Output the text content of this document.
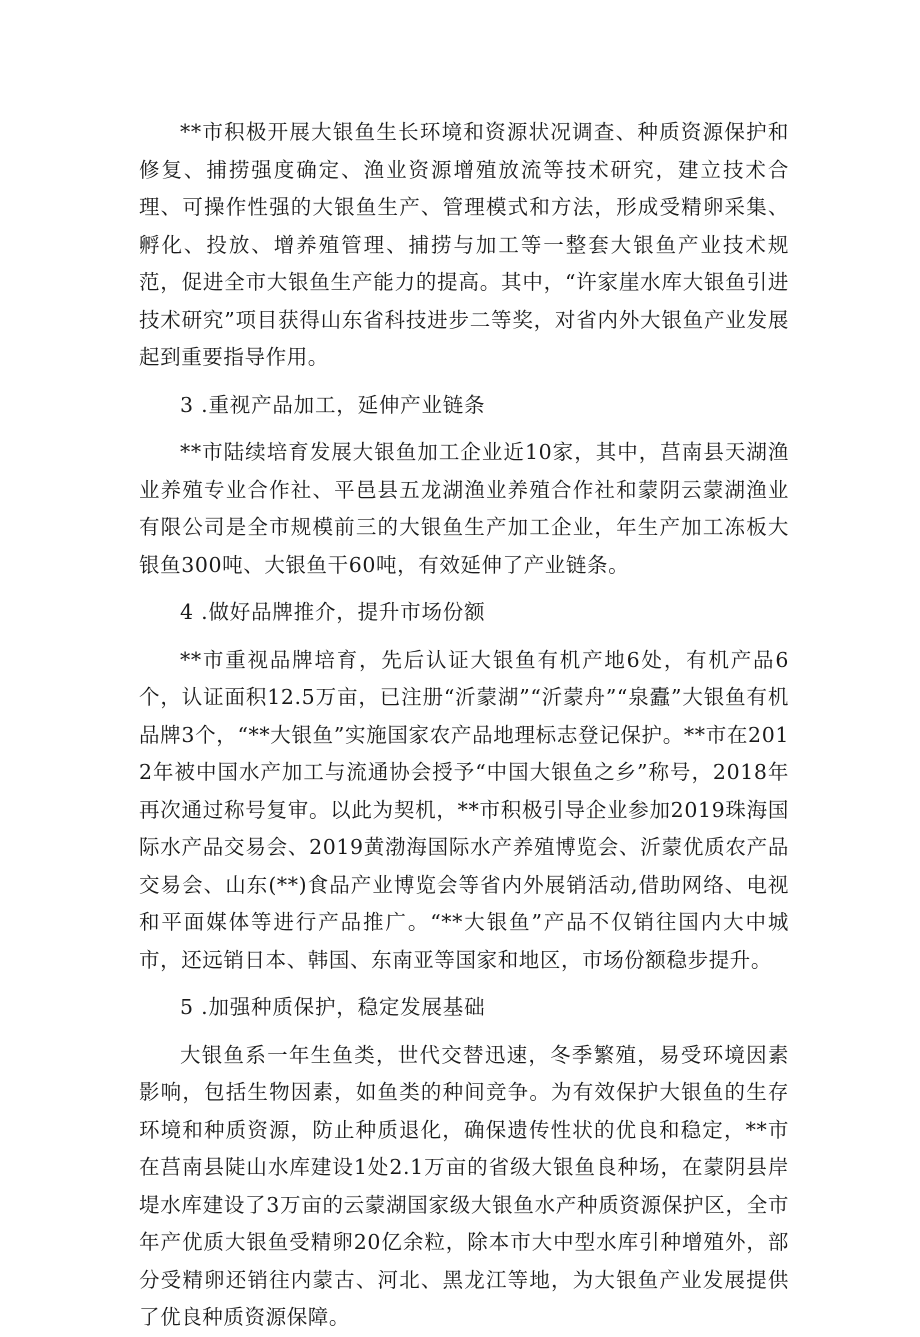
**市积极开展大银鱼生长环境和资源状况调查、种质资源保护和修复、捕捞强度确定、渔业资源增殖放流等技术研究，建立技术合理、可操作性强的大银鱼生产、管理模式和方法，形成受精卵采集、孵化、投放、增养殖管理、捕捞与加工等一整套大银鱼产业技术规范，促进全市大银鱼生产能力的提高。其中，“许家崖水库大银鱼引进技术研究”项目获得山东省科技进步二等奖，对省内外大银鱼产业发展起到重要指导作用。

3 .重视产品加工，延伸产业链条

**市陆续培育发展大银鱼加工企业近10家，其中，莒南县天湖渔业养殖专业合作社、平邑县五龙湖渔业养殖合作社和蒙阴云蒙湖渔业有限公司是全市规模前三的大银鱼生产加工企业，年生产加工冻板大银鱼300吨、大银鱼干60吨，有效延伸了产业链条。

4 .做好品牌推介，提升市场份额

**市重视品牌培育，先后认证大银鱼有机产地6处，有机产品6个，认证面积12.5万亩，已注册“沂蒙湖”“沂蒙舟”“泉蠹”大银鱼有机品牌3个，“**大银鱼”实施国家农产品地理标志登记保护。**市在2012年被中国水产加工与流通协会授予“中国大银鱼之乡”称号，2018年再次通过称号复审。以此为契机，**市积极引导企业参加2019珠海国际水产品交易会、2019黄渤海国际水产养殖博览会、沂蒙优质农产品交易会、山东(**)食品产业博览会等省内外展销活动,借助网络、电视和平面媒体等进行产品推广。“**大银鱼”产品不仅销往国内大中城市，还远销日本、韩国、东南亚等国家和地区，市场份额稳步提升。

5 .加强种质保护，稳定发展基础

大银鱼系一年生鱼类，世代交替迅速，冬季繁殖，易受环境因素影响，包括生物因素，如鱼类的种间竞争。为有效保护大银鱼的生存环境和种质资源，防止种质退化，确保遗传性状的优良和稳定，**市在莒南县陡山水库建设1处2.1万亩的省级大银鱼良种场，在蒙阴县岸堤水库建设了3万亩的云蒙湖国家级大银鱼水产种质资源保护区，全市年产优质大银鱼受精卵20亿余粒，除本市大中型水库引种增殖外，部分受精卵还销往内蒙古、河北、黑龙江等地，为大银鱼产业发展提供了优良种质资源保障。
